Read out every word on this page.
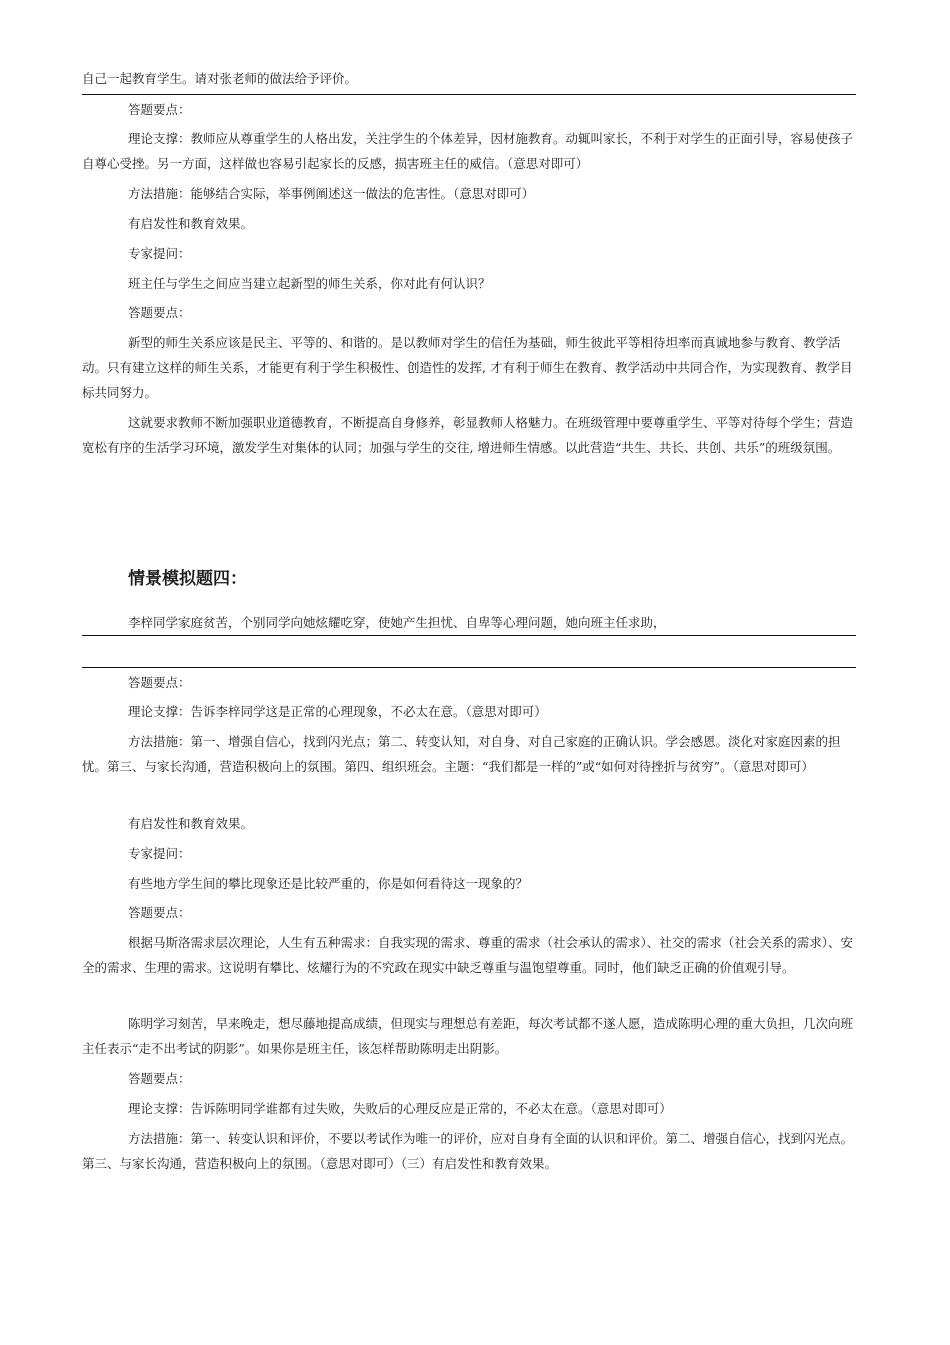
自己一起教育学生。请对张老师的做法给予评价。

答题要点：

理论支撑：教师应从尊重学生的人格出发，关注学生的个体差异，因材施教育。动辄叫家长，不利于对学生的正面引导，容易使孩子自尊心受挫。另一方面，这样做也容易引起家长的反感，损害班主任的威信。（意思对即可）

方法措施：能够结合实际，举事例阐述这一做法的危害性。（意思对即可）

有启发性和教育效果。

专家提问：

班主任与学生之间应当建立起新型的师生关系，你对此有何认识？

答题要点：

新型的师生关系应该是民主、平等的、和谐的。是以教师对学生的信任为基础，师生彼此平等相待坦率而真诚地参与教育、教学活动。只有建立这样的师生关系，才能更有利于学生积极性、创造性的发挥, 才有利于师生在教育、教学活动中共同合作，为实现教育、教学目标共同努力。

这就要求教师不断加强职业道德教育，不断提高自身修养，彰显教师人格魅力。在班级管理中要尊重学生、平等对待每个学生；营造宽松有序的生活学习环境，激发学生对集体的认同；加强与学生的交往, 增进师生情感。以此营造“共生、共长、共创、共乐”的班级氛围。

情景模拟题四：

李梓同学家庭贫苦，个别同学向她炫耀吃穿，使她产生担忧、自卑等心理问题，她向班主任求助，

答题要点：

理论支撑：告诉李梓同学这是正常的心理现象，不必太在意。（意思对即可）

方法措施：第一、增强自信心，找到闪光点；第二、转变认知，对自身、对自己家庭的正确认识。学会感恩。淡化对家庭因素的担忧。第三、与家长沟通，营造积极向上的氛围。第四、组织班会。主题：“我们都是一样的”或“如何对待挫折与贫穷”。（意思对即可）

有启发性和教育效果。

专家提问：

有些地方学生间的攀比现象还是比较严重的，你是如何看待这一现象的？

答题要点：

根据马斯洛需求层次理论，人生有五种需求：自我实现的需求、尊重的需求（社会承认的需求）、社交的需求（社会关系的需求）、安全的需求、生理的需求。这说明有攀比、炫耀行为的不究政在现实中缺乏尊重与温饱望尊重。同时，他们缺乏正确的价值观引导。

陈明学习刻苦，早来晚走，想尽藤地提高成绩，但现实与理想总有差距，每次考试都不遂人愿，造成陈明心理的重大负担，几次向班主任表示“走不出考试的阴影”。如果你是班主任，该怎样帮助陈明走出阴影。

答题要点：

理论支撑：告诉陈明同学谁都有过失败，失败后的心理反应是正常的，不必太在意。（意思对即可）

方法措施：第一、转变认识和评价，不要以考试作为唯一的评价，应对自身有全面的认识和评价。第二、增强自信心，找到闪光点。第三、与家长沟通，营造积极向上的氛围。（意思对即可）（三）有启发性和教育效果。
